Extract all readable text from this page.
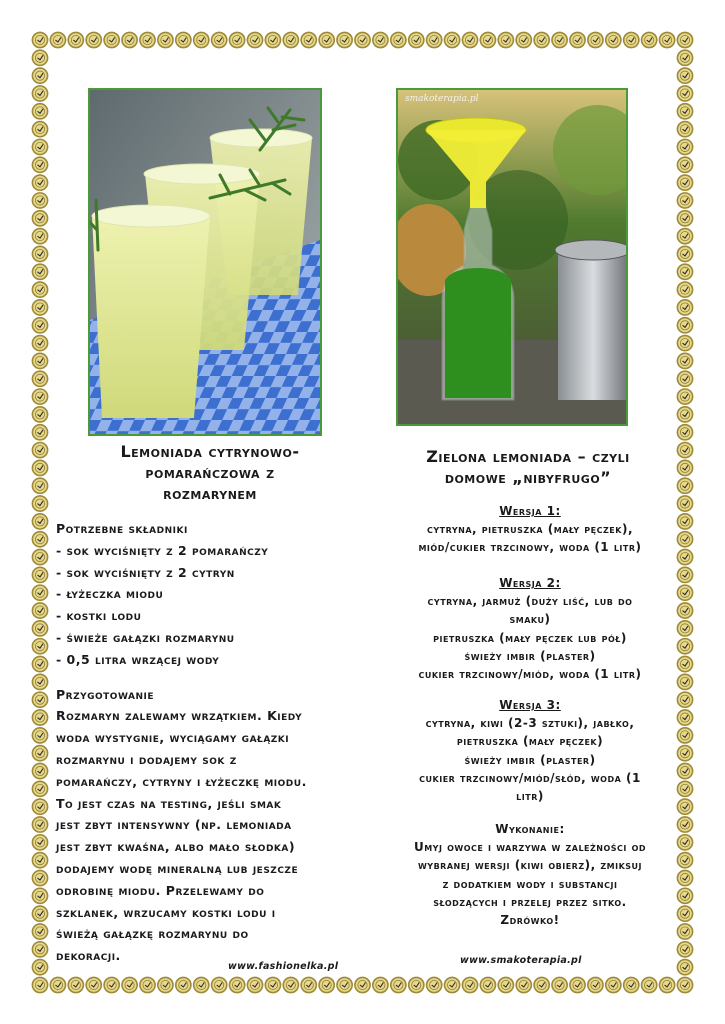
smakoterapia.pl
Lemoniada cytrynowo-
pomarańczowa z
rozmarynem
Potrzebne składniki
- sok wyciśnięty z 2 pomarańczy
- sok wyciśnięty z 2 cytryn
- łyżeczka miodu
- kostki lodu
- świeże gałązki rozmarynu
- 0,5 litra wrzącej wody
Przygotowanie
Rozmaryn zalewamy wrzątkiem. Kiedy
woda wystygnie, wyciągamy gałązki
rozmarynu i dodajemy sok z
pomarańczy, cytryny i łyżeczkę miodu.
To jest czas na testing, jeśli smak
jest zbyt intensywny (np. lemoniada
jest zbyt kwaśna, albo mało słodka)
dodajemy wodę mineralną lub jeszcze
odrobinę miodu. Przelewamy do
szklanek, wrzucamy kostki lodu i
świeżą gałązkę rozmarynu do
dekoracji.
www.fashionelka.pl
Zielona lemoniada – czyli
domowe „nibyfrugo”
Wersja 1:
cytryna, pietruszka (mały pęczek),
miód/cukier trzcinowy, woda (1 litr)
Wersja 2:
cytryna, jarmuż (duży liść, lub do
smaku)
pietruszka (mały pęczek lub pół)
świeży imbir (plaster)
cukier trzcinowy/miód, woda (1 litr)
Wersja 3:
cytryna, kiwi (2-3 sztuki), jabłko,
pietruszka (mały pęczek)
świeży imbir (plaster)
cukier trzcinowy/miód/słód, woda (1
litr)
Wykonanie:
Umyj owoce i warzywa w zależności od
wybranej wersji (kiwi obierz), zmiksuj
z dodatkiem wody i substancji
słodzących i przelej przez sitko.
Zdrówko!
www.smakoterapia.pl
